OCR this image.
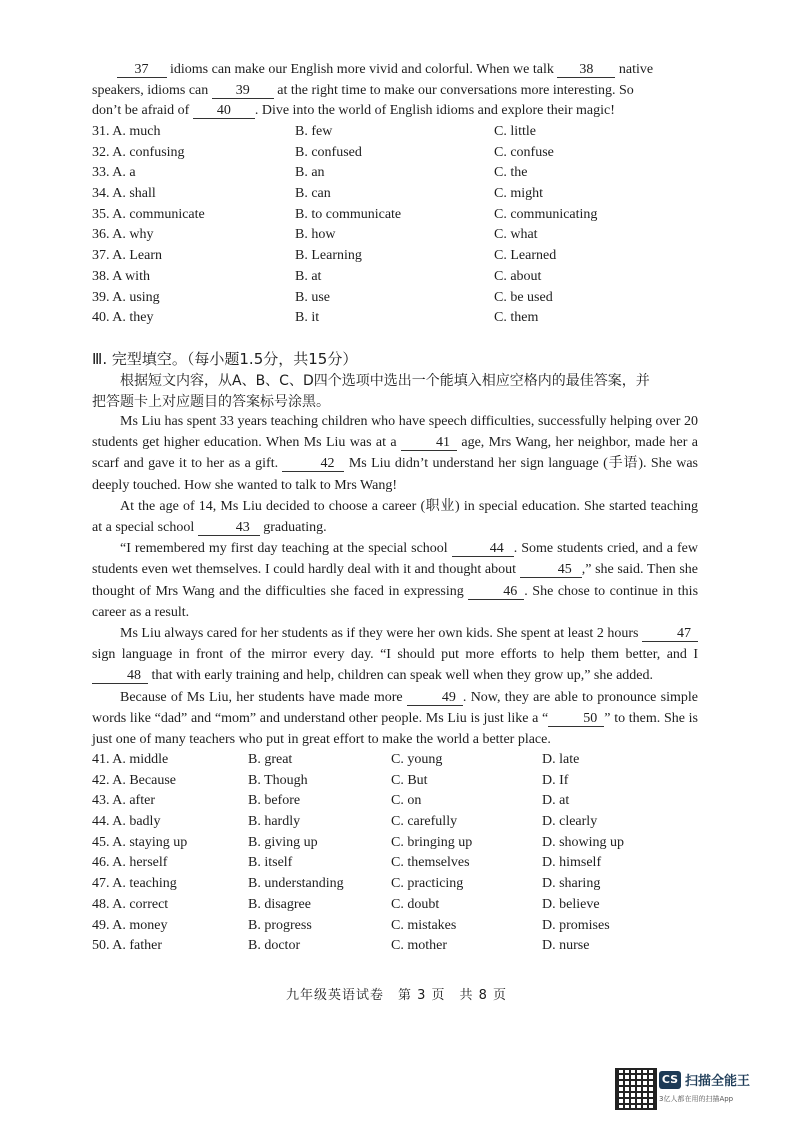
37 idioms can make our English more vivid and colorful. When we talk 38 native

speakers, idioms can 39 at the right time to make our conversations more interesting. So

don’t be afraid of 40 . Dive into the world of English idioms and explore their magic!

31. A. much	B. few	C. little
32. A. confusing	B. confused	C. confuse
33. A. a	B. an	C. the
34. A. shall	B. can	C. might
35. A. communicate	B. to communicate	C. communicating
36. A. why	B. how	C. what
37. A. Learn	B. Learning	C. Learned
38. A with	B. at	C. about
39. A. using	B. use	C. be used
40. A. they	B. it	C. them
Ⅲ. 完型填空。（每小题1.5分，共15分）
根据短文内容，从A、B、C、D四个选项中选出一个能填入相应空格内的最佳答案，并
把答题卡上对应题目的答案标号涂黑。

Ms Liu has spent 33 years teaching children who have speech difficulties, successfully helping over 20 students get higher education. When Ms Liu was at a	41 age, Mrs Wang, her neighbor, made her a scarf and gave it to her as a gift.	42 Ms Liu didn’t understand her sign language (手语). She was deeply touched. How she wanted to talk to Mrs Wang!

At the age of 14, Ms Liu decided to choose a career (职业) in special education. She started teaching at a special school	43 graduating.

“I remembered my first day teaching at the special school	44 . Some students cried, and a few students even wet themselves. I could hardly deal with it and thought about	45 ,” she said. Then she thought of Mrs Wang and the difficulties she faced in expressing	46 . She chose to continue in this career as a result.

Ms Liu always cared for her students as if they were her own kids. She spent at least 2 hours	47 sign language in front of the mirror every day. “I should put more efforts to help them better, and I 48 that with early training and help, children can speak well when they grow up,” she added.

Because of Ms Liu, her students have made more	49 . Now, they are able to pronounce simple words like “dad” and “mom” and understand other people. Ms Liu is just like a “	50 ” to them. She is just one of many teachers who put in great effort to make the world a better place.

41. A. middle	B. great	C. young	D. late
42. A. Because	B. Though	C. But	D. If
43. A. after	B. before	C. on	D. at
44. A. badly	B. hardly	C. carefully	D. clearly
45. A. staying up	B. giving up	C. bringing up	D. showing up
46. A. herself	B. itself	C. themselves	D. himself
47. A. teaching	B. understanding	C. practicing	D. sharing
48. A. correct	B. disagree	C. doubt	D. believe
49. A. money	B. progress	C. mistakes	D. promises
50. A. father	B. doctor	C. mother	D. nurse
九年级英语试卷　第 3 页　共 8 页
CS 扫描全能王
3亿人都在用的扫描App
